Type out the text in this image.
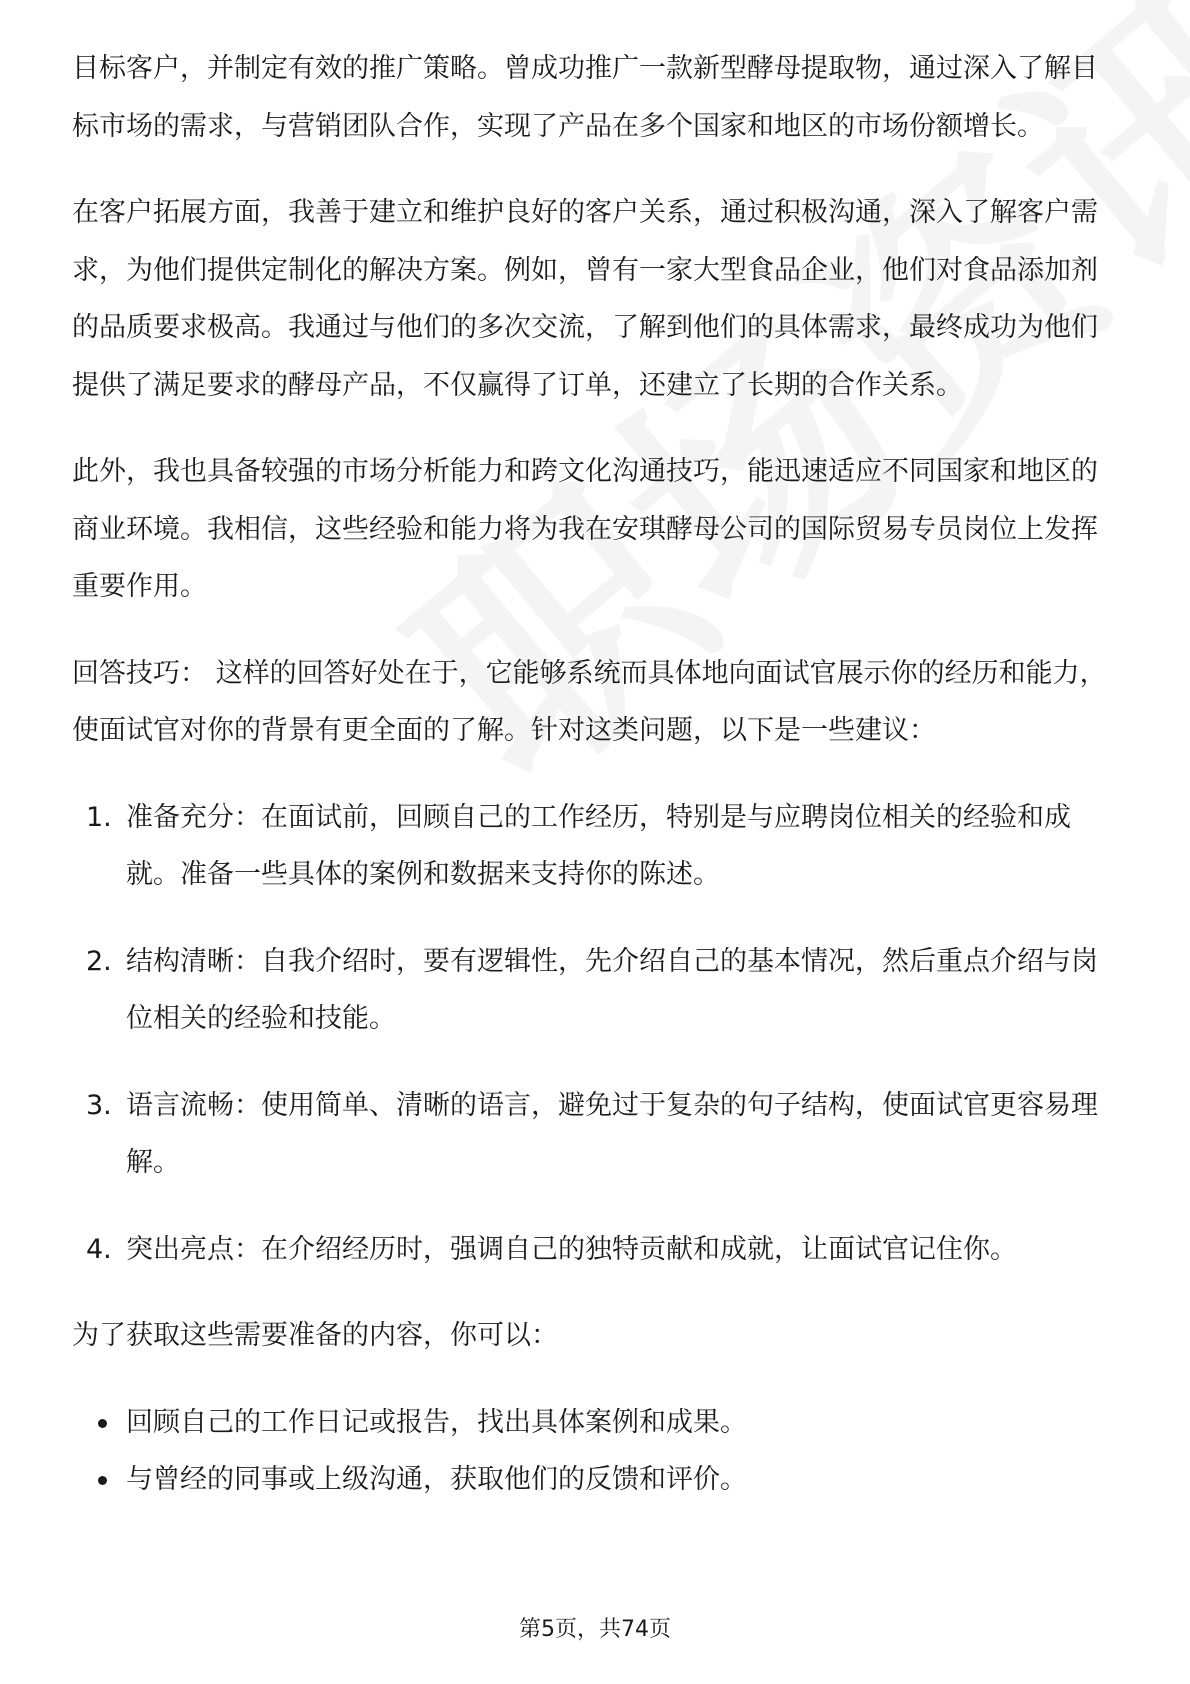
目标客户，并制定有效的推广策略。曾成功推广一款新型酵母提取物，通过深入了解目标市场的需求，与营销团队合作，实现了产品在多个国家和地区的市场份额增长。

在客户拓展方面，我善于建立和维护良好的客户关系，通过积极沟通，深入了解客户需求，为他们提供定制化的解决方案。例如，曾有一家大型食品企业，他们对食品添加剂的品质要求极高。我通过与他们的多次交流，了解到他们的具体需求，最终成功为他们提供了满足要求的酵母产品，不仅赢得了订单，还建立了长期的合作关系。

此外，我也具备较强的市场分析能力和跨文化沟通技巧，能迅速适应不同国家和地区的商业环境。我相信，这些经验和能力将为我在安琪酵母公司的国际贸易专员岗位上发挥重要作用。

回答技巧： 这样的回答好处在于，它能够系统而具体地向面试官展示你的经历和能力，使面试官对你的背景有更全面的了解。针对这类问题，以下是一些建议：

1. 准备充分：在面试前，回顾自己的工作经历，特别是与应聘岗位相关的经验和成就。准备一些具体的案例和数据来支持你的陈述。
2. 结构清晰：自我介绍时，要有逻辑性，先介绍自己的基本情况，然后重点介绍与岗位相关的经验和技能。
3. 语言流畅：使用简单、清晰的语言，避免过于复杂的句子结构，使面试官更容易理解。
4. 突出亮点：在介绍经历时，强调自己的独特贡献和成就，让面试官记住你。

为了获取这些需要准备的内容，你可以：

回顾自己的工作日记或报告，找出具体案例和成果。
与曾经的同事或上级沟通，获取他们的反馈和评价。
第5页，共74页
